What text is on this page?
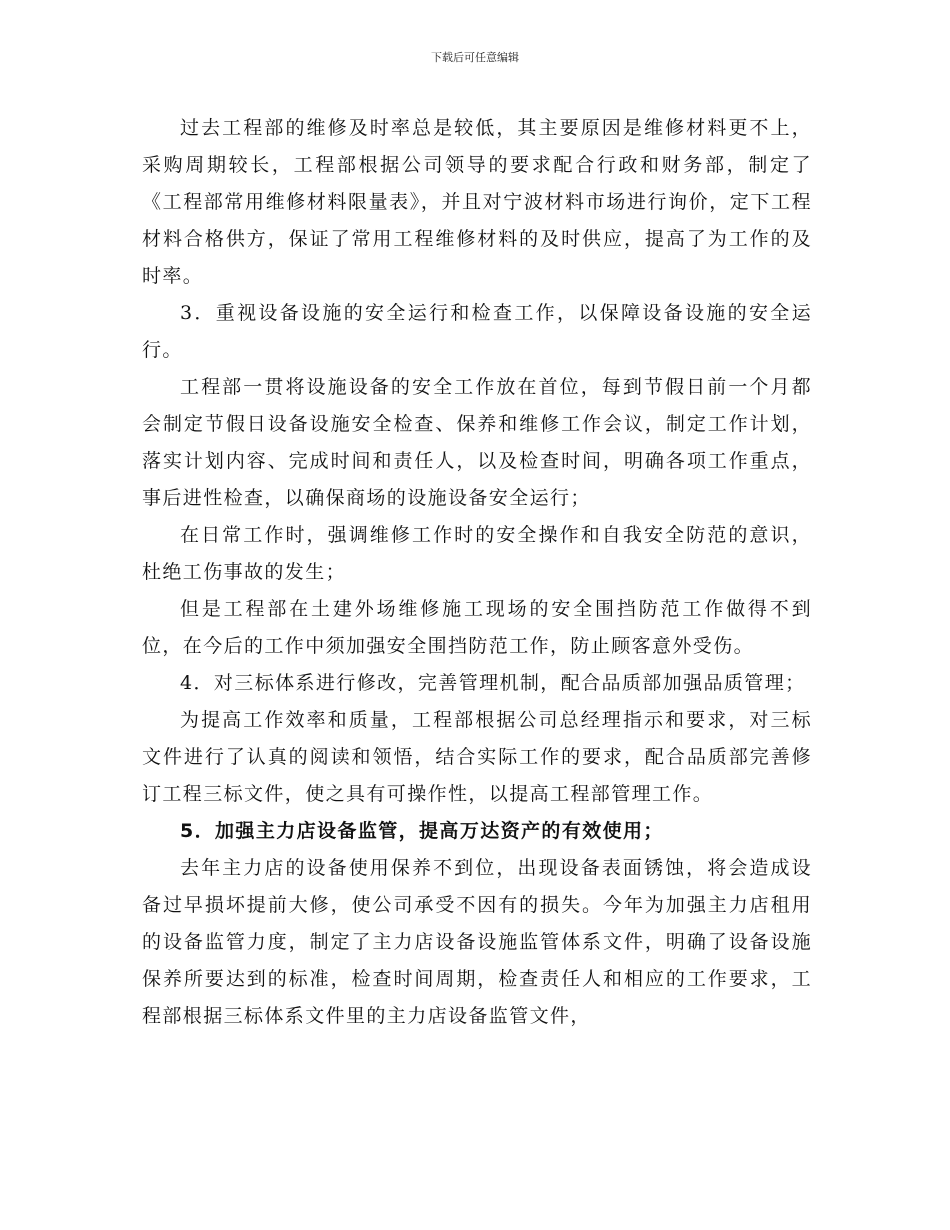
下载后可任意编辑

过去工程部的维修及时率总是较低，其主要原因是维修材料更不上，采购周期较长，工程部根据公司领导的要求配合行政和财务部，制定了《工程部常用维修材料限量表》，并且对宁波材料市场进行询价，定下工程材料合格供方，保证了常用工程维修材料的及时供应，提高了为工作的及时率。

3．重视设备设施的安全运行和检查工作，以保障设备设施的安全运行。

工程部一贯将设施设备的安全工作放在首位，每到节假日前一个月都会制定节假日设备设施安全检查、保养和维修工作会议，制定工作计划，落实计划内容、完成时间和责任人，以及检查时间，明确各项工作重点，事后进性检查，以确保商场的设施设备安全运行；

在日常工作时，强调维修工作时的安全操作和自我安全防范的意识，杜绝工伤事故的发生；

但是工程部在土建外场维修施工现场的安全围挡防范工作做得不到位，在今后的工作中须加强安全围挡防范工作，防止顾客意外受伤。

4．对三标体系进行修改，完善管理机制，配合品质部加强品质管理；

为提高工作效率和质量，工程部根据公司总经理指示和要求，对三标文件进行了认真的阅读和领悟，结合实际工作的要求，配合品质部完善修订工程三标文件，使之具有可操作性，以提高工程部管理工作。

5．加强主力店设备监管，提高万达资产的有效使用；

去年主力店的设备使用保养不到位，出现设备表面锈蚀，将会造成设备过早损坏提前大修，使公司承受不因有的损失。今年为加强主力店租用的设备监管力度，制定了主力店设备设施监管体系文件，明确了设备设施保养所要达到的标准，检查时间周期，检查责任人和相应的工作要求，工程部根据三标体系文件里的主力店设备监管文件，
